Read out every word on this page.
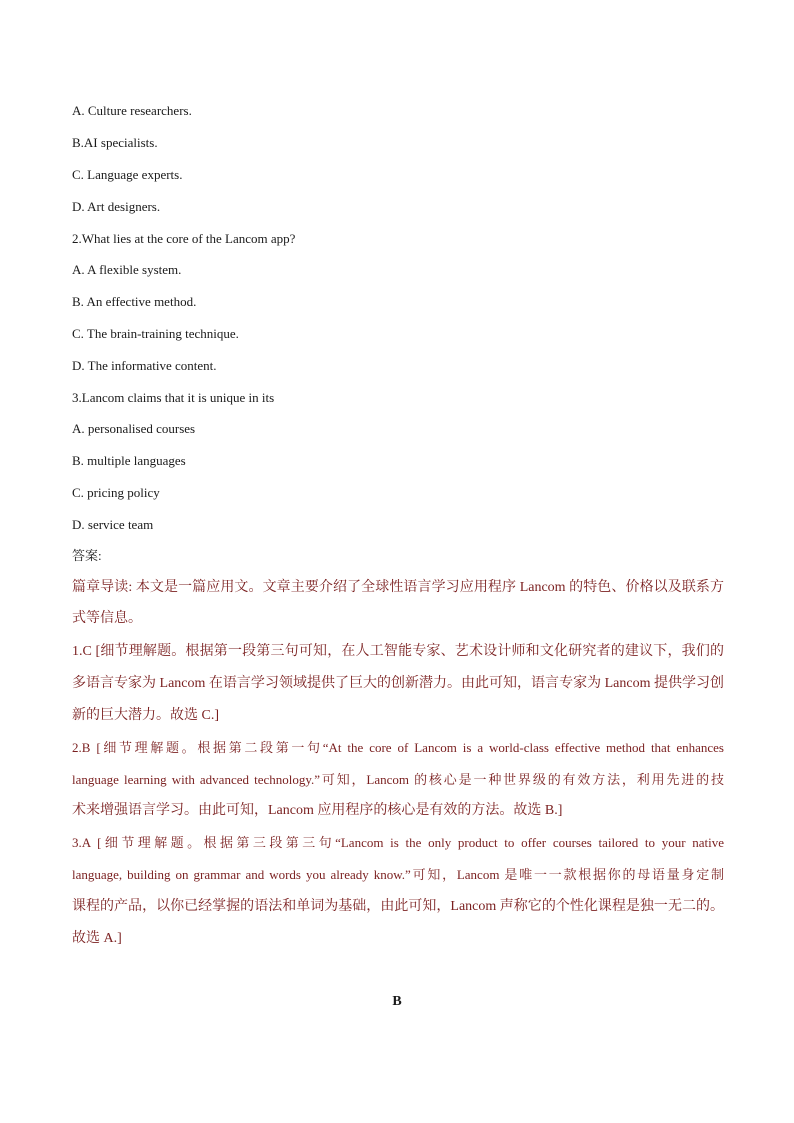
A. Culture researchers.
B.AI specialists.
C. Language experts.
D. Art designers.
2.What lies at the core of the Lancom app?
A. A flexible system.
B. An effective method.
C. The brain-training technique.
D. The informative content.
3.Lancom claims that it is unique in its
A. personalised courses
B. multiple languages
C. pricing policy
D. service team
答案:
篇章导读: 本文是一篇应用文。文章主要介绍了全球性语言学习应用程序 Lancom 的特色、价格以及联系方
式等信息。
1.C [细节理解题。根据第一段第三句可知，在人工智能专家、艺术设计师和文化研究者的建议下，我们的
多语言专家为 Lancom 在语言学习领域提供了巨大的创新潜力。由此可知，语言专家为 Lancom 提供学习创
新的巨大潜力。故选 C.]
2.B [细节理解题。根据第二段第一句“At the core of Lancom is a world-class effective method that enhances
language learning with advanced technology.”可知，Lancom 的核心是一种世界级的有效方法，利用先进的技
术来增强语言学习。由此可知，Lancom 应用程序的核心是有效的方法。故选 B.]
3.A [细节理解题。根据第三段第三句“Lancom is the only product to offer courses tailored to your native
language, building on grammar and words you already know.”可知，Lancom 是唯一一款根据你的母语量身定制
课程的产品，以你已经掌握的语法和单词为基础，由此可知，Lancom 声称它的个性化课程是独一无二的。
故选 A.]
B
